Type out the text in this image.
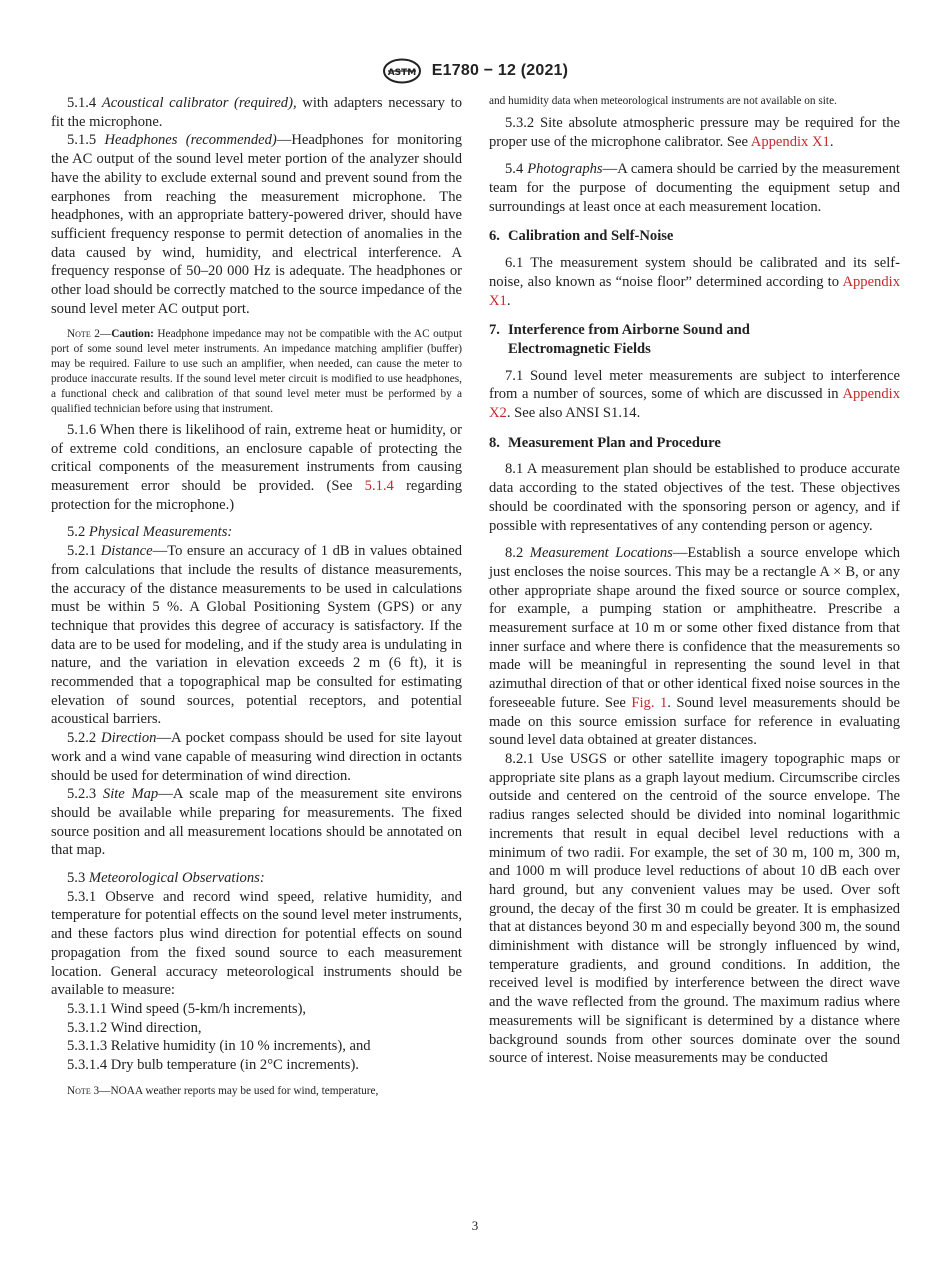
ASTM E1780 − 12 (2021)

5.1.4 Acoustical calibrator (required), with adapters necessary to fit the microphone.

5.1.5 Headphones (recommended)—Headphones for monitoring the AC output of the sound level meter portion of the analyzer should have the ability to exclude external sound and prevent sound from the earphones from reaching the measurement microphone. The headphones, with an appropriate battery-powered driver, should have sufficient frequency response to permit detection of anomalies in the data caused by wind, humidity, and electrical interference. A frequency response of 50–20 000 Hz is adequate. The headphones or other load should be correctly matched to the source impedance of the sound level meter AC output port.

Note 2—Caution: Headphone impedance may not be compatible with the AC output port of some sound level meter instruments. An impedance matching amplifier (buffer) may be required. Failure to use such an amplifier, when needed, can cause the meter to produce inaccurate results. If the sound level meter circuit is modified to use headphones, a functional check and calibration of that sound level meter must be performed by a qualified technician before using that instrument.

5.1.6 When there is likelihood of rain, extreme heat or humidity, or of extreme cold conditions, an enclosure capable of protecting the critical components of the measurement instruments from causing measurement error should be provided. (See 5.1.4 regarding protection for the microphone.)

5.2 Physical Measurements:

5.2.1 Distance—To ensure an accuracy of 1 dB in values obtained from calculations that include the results of distance measurements, the accuracy of the distance measurements to be used in calculations must be within 5 %. A Global Positioning System (GPS) or any technique that provides this degree of accuracy is satisfactory. If the data are to be used for modeling, and if the study area is undulating in nature, and the variation in elevation exceeds 2 m (6 ft), it is recommended that a topographical map be consulted for estimating elevation of sound sources, potential receptors, and potential acoustical barriers.

5.2.2 Direction—A pocket compass should be used for site layout work and a wind vane capable of measuring wind direction in octants should be used for determination of wind direction.

5.2.3 Site Map—A scale map of the measurement site environs should be available while preparing for measurements. The fixed source position and all measurement locations should be annotated on that map.

5.3 Meteorological Observations:

5.3.1 Observe and record wind speed, relative humidity, and temperature for potential effects on the sound level meter instruments, and these factors plus wind direction for potential effects on sound propagation from the fixed sound source to each measurement location. General accuracy meteorological instruments should be available to measure:

5.3.1.1 Wind speed (5-km/h increments),

5.3.1.2 Wind direction,

5.3.1.3 Relative humidity (in 10 % increments), and

5.3.1.4 Dry bulb temperature (in 2°C increments).

Note 3—NOAA weather reports may be used for wind, temperature,
and humidity data when meteorological instruments are not available on site.

5.3.2 Site absolute atmospheric pressure may be required for the proper use of the microphone calibrator. See Appendix X1.

5.4 Photographs—A camera should be carried by the measurement team for the purpose of documenting the equipment setup and surroundings at least once at each measurement location.

6. Calibration and Self-Noise

6.1 The measurement system should be calibrated and its self-noise, also known as “noise floor” determined according to Appendix X1.

7. Interference from Airborne Sound and
Electromagnetic Fields

7.1 Sound level meter measurements are subject to interference from a number of sources, some of which are discussed in Appendix X2. See also ANSI S1.14.

8. Measurement Plan and Procedure

8.1 A measurement plan should be established to produce accurate data according to the stated objectives of the test. These objectives should be coordinated with the sponsoring person or agency, and if possible with representatives of any contending person or agency.

8.2 Measurement Locations—Establish a source envelope which just encloses the noise sources. This may be a rectangle A × B, or any other appropriate shape around the fixed source or source complex, for example, a pumping station or amphitheatre. Prescribe a measurement surface at 10 m or some other fixed distance from that inner surface and where there is confidence that the measurements so made will be meaningful in representing the sound level in that azimuthal direction of that or other identical fixed noise sources in the foreseeable future. See Fig. 1. Sound level measurements should be made on this source emission surface for reference in evaluating sound level data obtained at greater distances.

8.2.1 Use USGS or other satellite imagery topographic maps or appropriate site plans as a graph layout medium. Circumscribe circles outside and centered on the centroid of the source envelope. The radius ranges selected should be divided into nominal logarithmic increments that result in equal decibel level reductions with a minimum of two radii. For example, the set of 30 m, 100 m, 300 m, and 1000 m will produce level reductions of about 10 dB each over hard ground, but any convenient values may be used. Over soft ground, the decay of the first 30 m could be greater. It is emphasized that at distances beyond 30 m and especially beyond 300 m, the sound diminishment with distance will be strongly influenced by wind, temperature gradients, and ground conditions. In addition, the received level is modified by interference between the direct wave and the wave reflected from the ground. The maximum radius where measurements will be significant is determined by a distance where background sounds from other sources dominate over the sound source of interest. Noise measurements may be conducted

3
